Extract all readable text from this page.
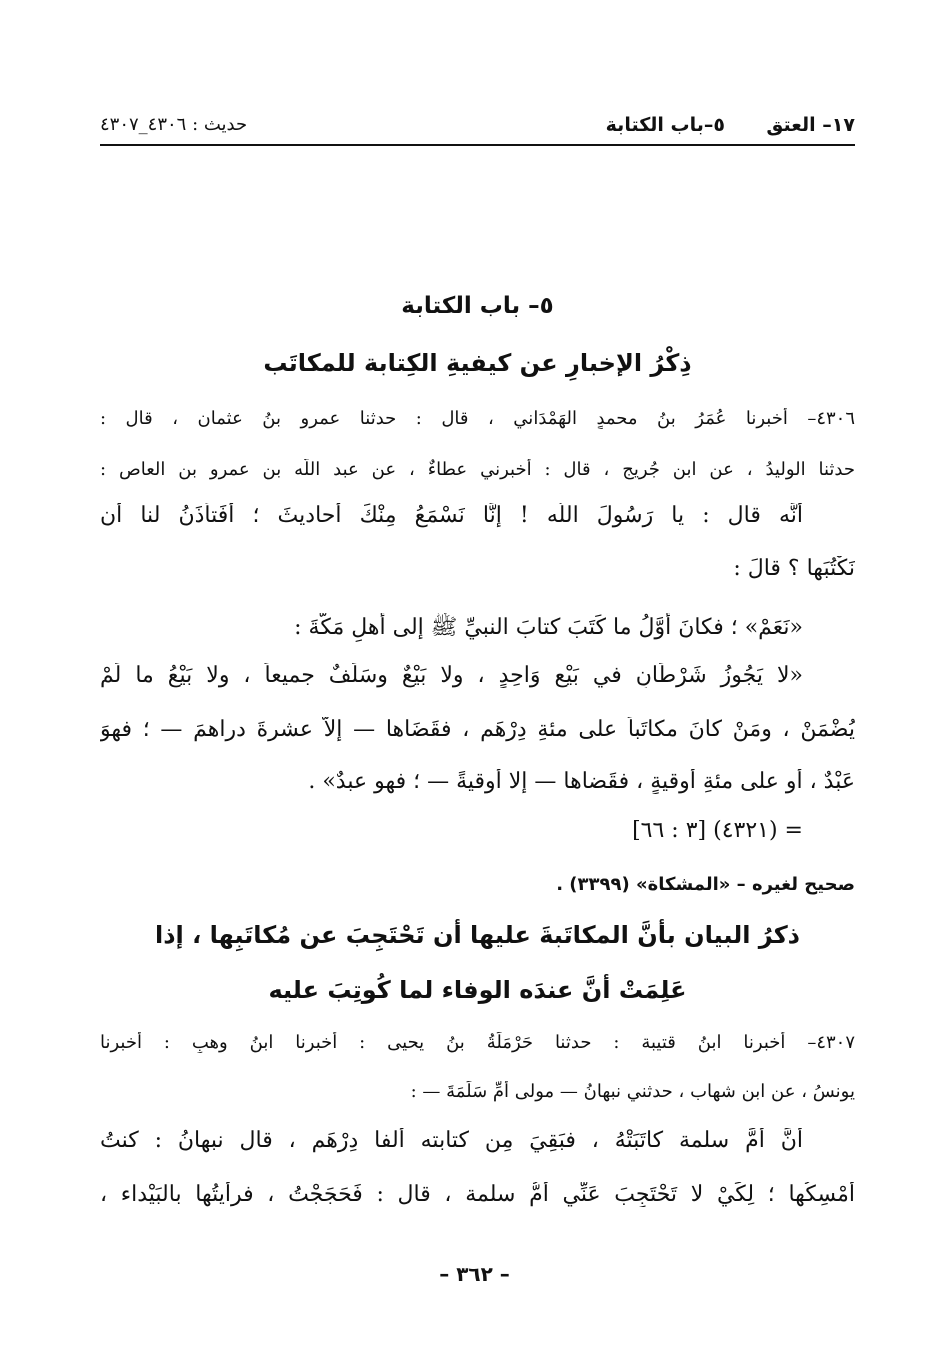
١٧– العتق
٥–باب الكتابة
حديث : ٤٣٠٦_٤٣٠٧
٥– باب الكتابة
ذِكْرُ الإخبارِ عن كيفيةِ الكِتابة للمكاتَب
٤٣٠٦– أخبرنا عُمَرُ بنُ محمدٍ الهَمْدَاني ، قال : حدثنا عمرو بنُ عثمان ، قال :
حدثنا الوليدُ ، عن ابن جُريج ، قال : أخبرني عطاءٌ ، عن عبد اللَّه بن عمرو بن العاص :
أنَّه قال : يا رَسُولَ اللَّه ! إنَّا نَسْمَعُ مِنْكَ أَحاديثَ ؛ أَفَتأْذَنُ لنا أن
نَكْتُبَها ؟ قالَ :
«نَعَمْ» ؛ فكانَ أوَّلُ ما كَتَبَ كتابَ النبيِّ ﷺ إلى أهلِ مَكَّةَ :
«لا يَجُوزُ شَرْطَانِ في بَيْعٍ وَاحِدٍ ، ولا بَيْعٌ وسَلَفٌ جميعاً ، ولا بَيْعُ ما لَمْ
يُضْمَنْ ، ومَنْ كانَ مكاتَباً على مئةِ دِرْهَمٍ ، فقَضَاها — إلاَّ عشرةَ دراهمَ — ؛ فهوَ
عَبْدٌ ، أو على مئةِ أوقيةٍ ، فقَضاها — إلا أوقيةً — ؛ فهو عبدٌ» .
= (٤٣٢١) [٣ : ٦٦]
صحيح لغيره – «المشكاة» (٣٣٩٩) .
ذكرُ البيان بأنَّ المكاتَبةَ عليها أن تَحْتَجِبَ عن مُكاتَبِها ، إذا
عَلِمَتْ أنَّ عندَه الوفاء لما كُوتِبَ عليه
٤٣٠٧– أخبرنا ابنُ قتيبة : حدثنا حَرْمَلَةُ بنُ يحيى : أخبرنا ابنُ وهبٍ : أخبرنا
يونسُ ، عن ابن شهاب ، حدثني نبهانُ — مولى أمِّ سَلَمَةَ — :
أنَّ أُمَّ سلمة كاتَبَتْهُ ، فبَقِيَ مِن كتابته أَلفا دِرْهَمٍ ، قال نبهانُ : كنتُ
أُمْسِكُها ؛ لِكَيْ لا تَحْتَجِبَ عَنِّي أمُّ سلمة ، قال : فَحَجَجْتُ ، فرأيتُها بالبَيْداء ،
– ٣٦٢ –
